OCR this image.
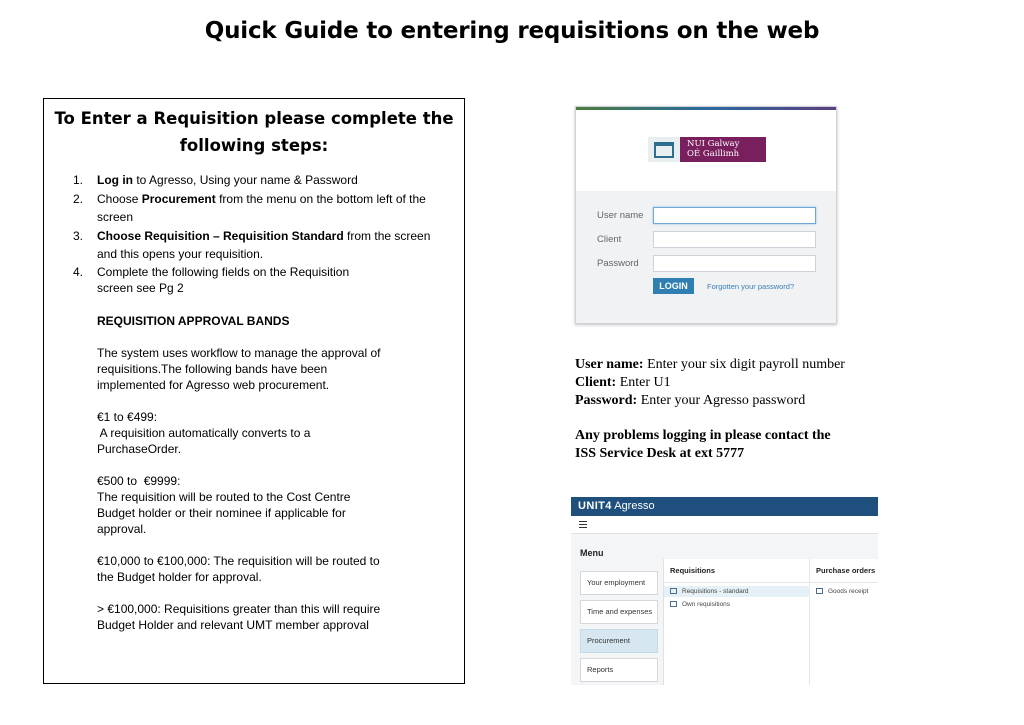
Quick Guide to entering requisitions on the web
To Enter a Requisition please complete the
following steps:
1. Log in to Agresso, Using your name & Password
2. Choose Procurement from the menu on the bottom left of the screen
3. Choose Requisition – Requisition Standard from the screen and this opens your requisition.
4. Complete the following fields on the Requisition
screen see Pg 2
REQUISITION APPROVAL BANDS
The system uses workflow to manage the approval of
requisitions.The following bands have been
implemented for Agresso web procurement.
€1 to €499:
A requisition automatically converts to a
PurchaseOrder.
€500 to  €9999:
The requisition will be routed to the Cost Centre
Budget holder or their nominee if applicable for
approval.
€10,000 to €100,000: The requisition will be routed to
the Budget holder for approval.
> €100,000: Requisitions greater than this will require
Budget Holder and relevant UMT member approval
NUI Galway
OÉ Gaillimh
User name
Client
Password
LOGIN	Forgotten your password?
User name: Enter your six digit payroll number
Client: Enter U1
Password: Enter your Agresso password
Any problems logging in please contact the
ISS Service Desk at ext 5777
UNIT4 Agresso
Menu
Your employment
Time and expenses
Procurement
Reports
Requisitions
Requisitions - standard
Own requisitions
Purchase orders
Goods receipt
